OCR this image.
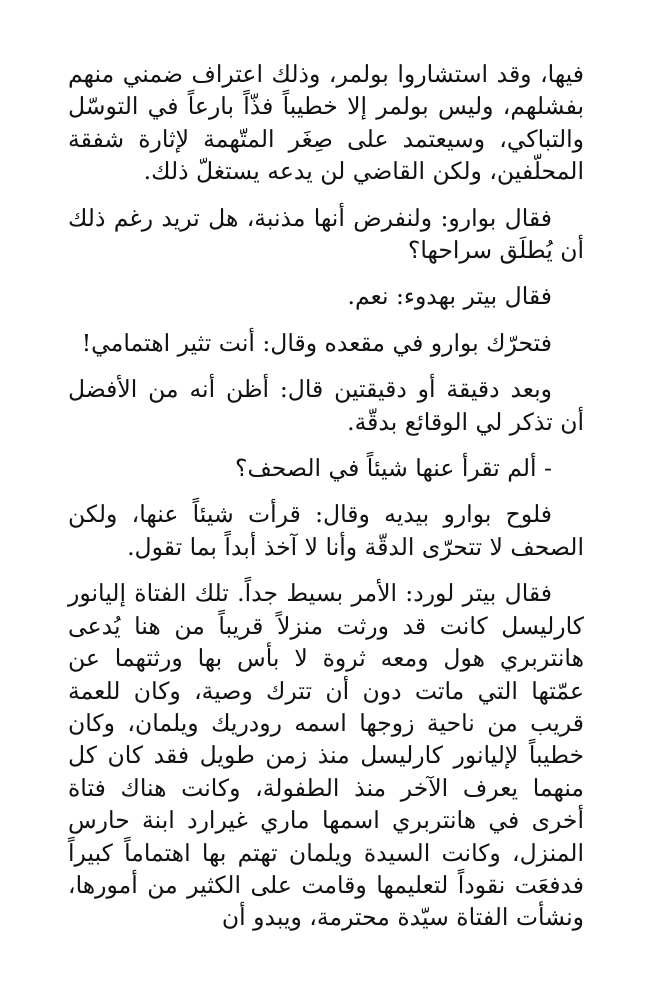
فيها، وقد استشاروا بولمر، وذلك اعتراف ضمني منهم بفشلهم، وليس بولمر إلا خطيباً فذّاً بارعاً في التوسّل والتباكي، وسيعتمد على صِغَر المتّهمة لإثارة شفقة المحلّفين، ولكن القاضي لن يدعه يستغلّ ذلك.

فقال بوارو: ولنفرض أنها مذنبة، هل تريد رغم ذلك أن يُطلَق سراحها؟

فقال بيتر بهدوء: نعم.

فتحرّك بوارو في مقعده وقال: أنت تثير اهتمامي!

وبعد دقيقة أو دقيقتين قال: أظن أنه من الأفضل أن تذكر لي الوقائع بدقّة.

- ألم تقرأ عنها شيئاً في الصحف؟

فلوح بوارو بيديه وقال: قرأت شيئاً عنها، ولكن الصحف لا تتحرّى الدقّة وأنا لا آخذ أبداً بما تقول.

فقال بيتر لورد: الأمر بسيط جداً. تلك الفتاة إليانور كارليسل كانت قد ورثت منزلاً قريباً من هنا يُدعى هانتربري هول ومعه ثروة لا بأس بها ورثتهما عن عمّتها التي ماتت دون أن تترك وصية، وكان للعمة قريب من ناحية زوجها اسمه رودريك ويلمان، وكان خطيباً لإليانور كارليسل منذ زمن طويل فقد كان كل منهما يعرف الآخر منذ الطفولة، وكانت هناك فتاة أخرى في هانتربري اسمها ماري غيرارد ابنة حارس المنزل، وكانت السيدة ويلمان تهتم بها اهتماماً كبيراً فدفعَت نقوداً لتعليمها وقامت على الكثير من أمورها، ونشأت الفتاة سيّدة محترمة، ويبدو أن
